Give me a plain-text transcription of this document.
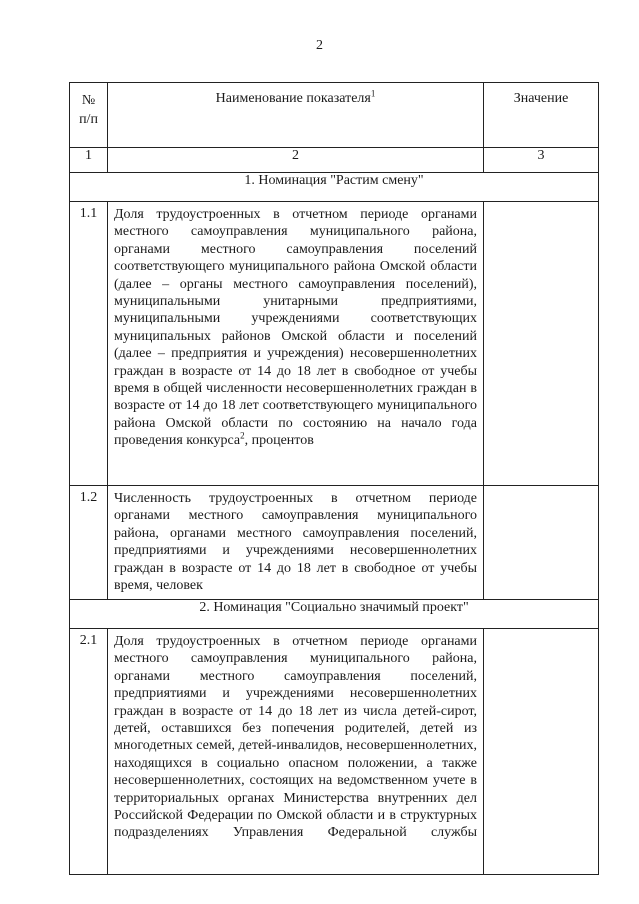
2
№
п/п	Наименование показателя$^1$	Значение
1	2	3
1. Номинация "Растим смену"		
1.1	Доля трудоустроенных в отчетном периоде органами местного самоуправления муниципального района, органами местного самоуправления поселений соответствующего муниципального района Омской области (далее – органы местного самоуправления поселений), муниципальными унитарными предприятиями, муниципальными учреждениями соответствующих муниципальных районов Омской области и поселений (далее – предприятия и учреждения) несовершеннолетних граждан в возрасте от 14 до 18 лет в свободное от учебы время в общей численности несовершеннолетних граждан в возрасте от 14 до 18 лет соответствующего муниципального района Омской области по состоянию на начало года проведения конкурса$^2$, процентов	
1.2	Численность трудоустроенных в отчетном периоде органами местного самоуправления муниципального района, органами местного самоуправления поселений, предприятиями и учреждениями несовершеннолетних граждан в возрасте от 14 до 18 лет в свободное от учебы время, человек	
2. Номинация "Социально значимый проект"		
2.1	Доля трудоустроенных в отчетном периоде органами местного самоуправления муниципального района, органами местного самоуправления поселений, предприятиями и учреждениями несовершеннолетних граждан в возрасте от 14 до 18 лет из числа детей-сирот, детей, оставшихся без попечения родителей, детей из многодетных семей, детей-инвалидов, несовершеннолетних, находящихся в социально опасном положении, а также несовершеннолетних, состоящих на ведомственном учете в территориальных органах Министерства внутренних дел Российской Федерации по Омской области и в структурных подразделениях Управления Федеральной службы	
